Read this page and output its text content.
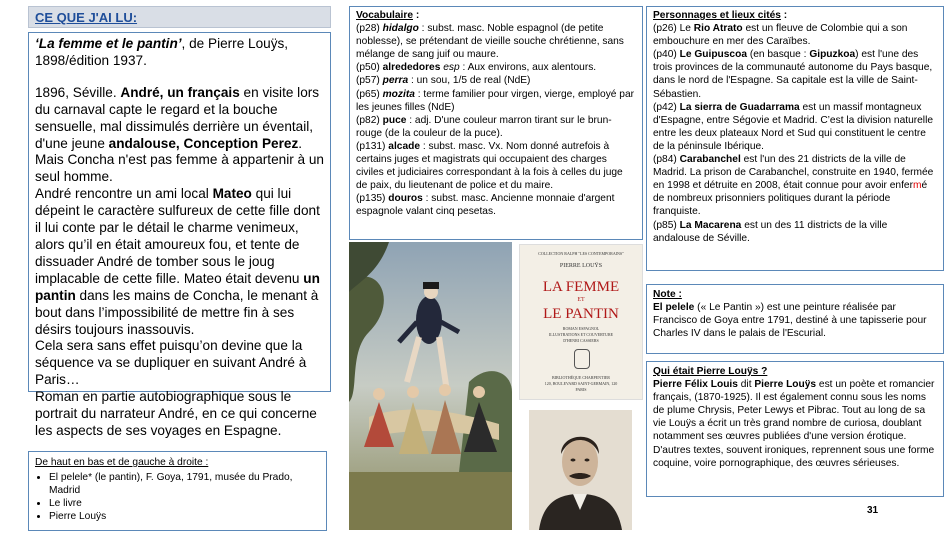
CE QUE J'AI LU:
‘La femme et le pantin’, de Pierre Louÿs, 1898/édition 1937.
1896, Séville. André, un français en visite lors du carnaval capte le regard et la bouche sensuelle, mal dissimulés derrière un éventail, d'une jeune andalouse, Conception Perez. Mais Concha n'est pas femme à appartenir à un seul homme.
André rencontre un ami local Mateo qui lui dépeint le caractère sulfureux de cette fille dont il lui conte par le détail le charme venimeux, alors qu’il en était amoureux fou, et tente de dissuader André de tomber sous le joug implacable de cette fille. Mateo était devenu un pantin dans les mains de Concha, le menant à bout dans l’impossibilité de mettre fin à ses désirs toujours inassouvis.
Cela sera sans effet puisqu’on devine que la séquence va se dupliquer en suivant André à Paris…
Roman en partie autobiographique sous le portrait du narrateur André, en ce qui concerne les aspects de ses voyages en Espagne.
De haut en bas et de gauche à droite :
• El pelele* (le pantin), F. Goya, 1791, musée du Prado, Madrid
• Le livre
• Pierre Louÿs
Vocabulaire :
(p28) hidalgo : subst. masc. Noble espagnol (de petite noblesse), se prétendant de vieille souche chrétienne, sans mélange de sang juif ou maure.
(p50) alrededores esp : Aux environs, aux alentours.
(p57) perra : un sou, 1/5 de real (NdE)
(p65) mozita : terme familier pour virgen, vierge, employé par les jeunes filles (NdE)
(p82) puce : adj. D'une couleur marron tirant sur le brun-rouge (de la couleur de la puce).
(p131) alcade : subst. masc. Vx. Nom donné autrefois à certains juges et magistrats qui occupaient des charges civiles et judiciaires correspondant à la fois à celles du juge de paix, du lieutenant de police et du maire.
(p135) douros : subst. masc. Ancienne monnaie d'argent espagnole valant cinq pesetas.
Personnages et lieux cités :
(p26) Le Rio Atrato est un fleuve de Colombie qui a son embouchure en mer des Caraïbes.
(p40) Le Guipuscoa (en basque : Gipuzkoa) est l'une des trois provinces de la communauté autonome du Pays basque, dans le nord de l'Espagne. Sa capitale est la ville de Saint-Sébastien.
(p42) La sierra de Guadarrama est un massif montagneux d'Espagne, entre Ségovie et Madrid. C’est la division naturelle entre les deux plateaux Nord et Sud qui constituent le centre de la péninsule Ibérique.
(p84) Carabanchel est l'un des 21 districts de la ville de Madrid. La prison de Carabanchel, construite en 1940, fermée en 1998 et détruite en 2008, était connue pour avoir enfermé de nombreux prisonniers politiques durant la période franquiste.
(p85) La Macarena est un des 11 districts de la ville andalouse de Séville.
Note :
El pelele (« Le Pantin ») est une peinture réalisée par Francisco de Goya entre 1791, destiné à une tapisserie pour Charles IV dans le palais de l'Escurial.
Qui était Pierre Louÿs ?
Pierre Félix Louis dit Pierre Louÿs est un poète et romancier français, (1870-1925). Il est également connu sous les noms de plume Chrysis, Peter Lewys et Pibrac. Tout au long de sa vie Louÿs a écrit un très grand nombre de curiosa, doublant notamment ses œuvres publiées d'une version érotique. D'autres textes, souvent ironiques, reprennent sous une forme coquine, voire pornographique, des œuvres sérieuses.
31
COLLECTION RALPH "LES CONTEMPORAINS"
PIERRE LOUŸS
LA FEMME
ET
LE PANTIN
ROMAN ESPAGNOL
ILLUSTRATIONS ET COUVERTURE
D'HENRI CASSIERS
BIBLIOTHÈQUE CHARPENTIER
120, BOULEVARD SAINT-GERMAIN, 120
PARIS
